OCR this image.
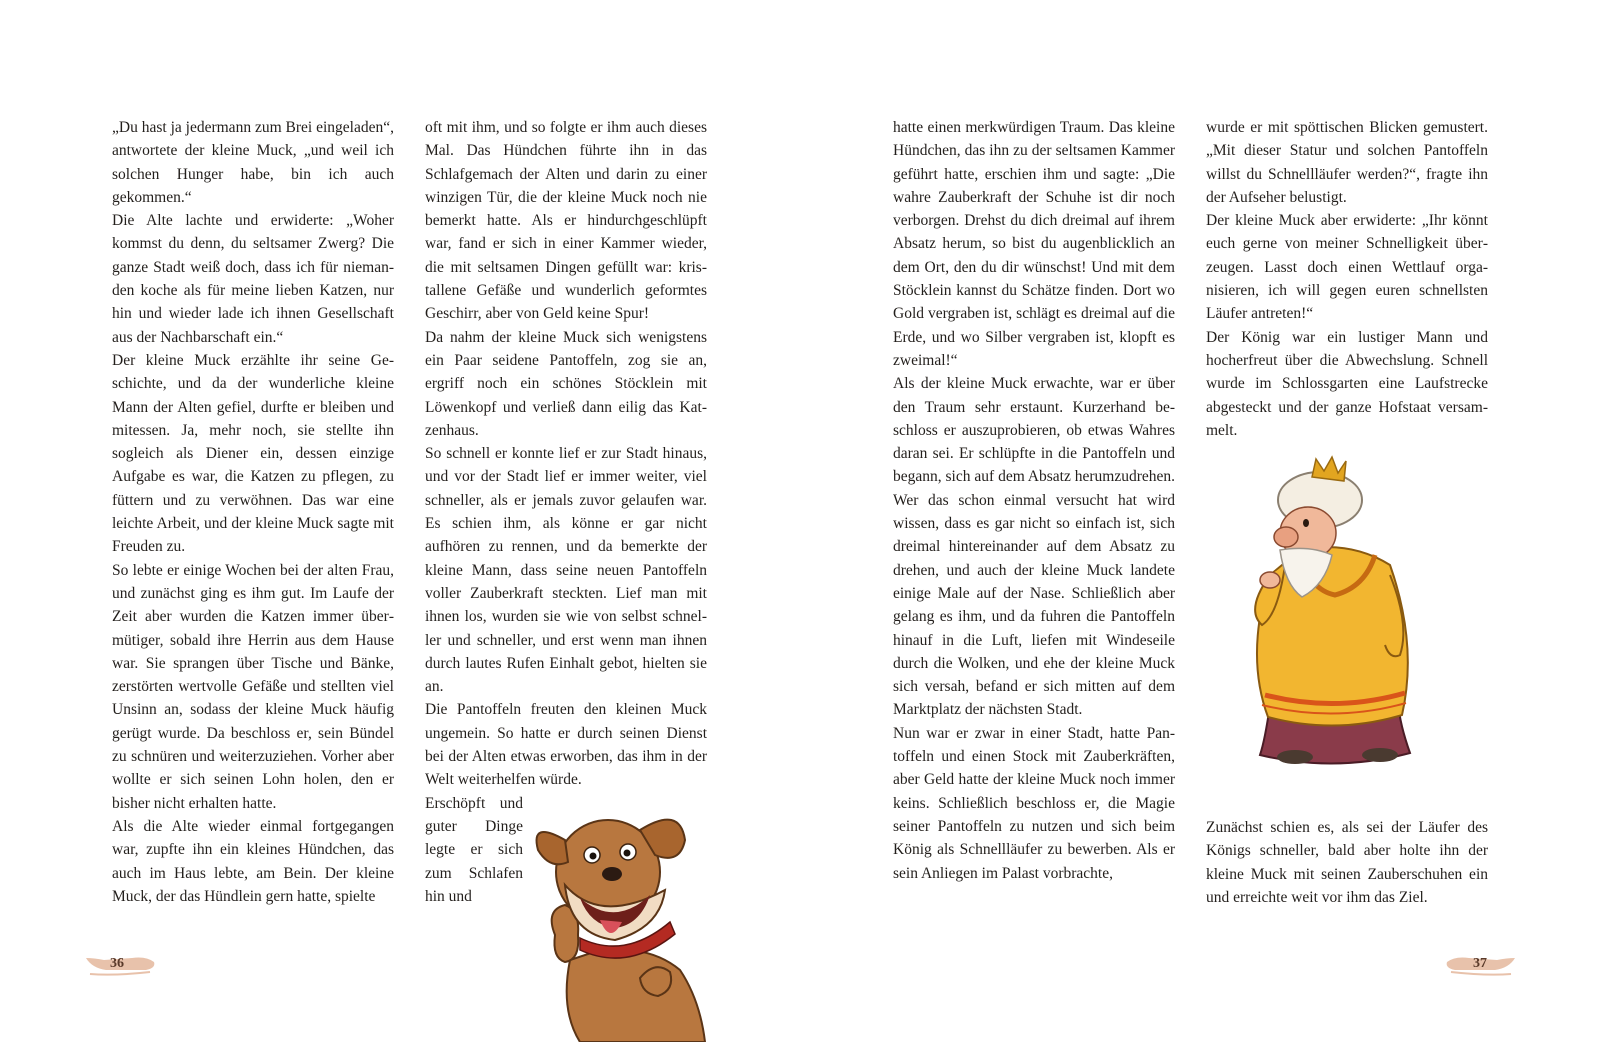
„Du hast ja jedermann zum Brei eingeladen“, antwortete der kleine Muck, „und weil ich solchen Hunger habe, bin ich auch gekommen.“

Die Alte lachte und erwiderte: „Woher kommst du denn, du seltsamer Zwerg? Die ganze Stadt weiß doch, dass ich für niemanden koche als für meine lieben Katzen, nur hin und wieder lade ich ihnen Gesellschaft aus der Nachbarschaft ein.“

Der kleine Muck erzählte ihr seine Geschichte, und da der wunderliche kleine Mann der Alten gefiel, durfte er bleiben und mitessen. Ja, mehr noch, sie stellte ihn sogleich als Diener ein, dessen einzige Aufgabe es war, die Katzen zu pflegen, zu füttern und zu verwöhnen. Das war eine leichte Arbeit, und der kleine Muck sagte mit Freuden zu.

So lebte er einige Wochen bei der alten Frau, und zunächst ging es ihm gut. Im Laufe der Zeit aber wurden die Katzen immer übermütiger, sobald ihre Herrin aus dem Hause war. Sie sprangen über Tische und Bänke, zerstörten wertvolle Gefäße und stellten viel Unsinn an, sodass der kleine Muck häufig gerügt wurde. Da beschloss er, sein Bündel zu schnüren und weiterzuziehen. Vorher aber wollte er sich seinen Lohn holen, den er bisher nicht erhalten hatte.

Als die Alte wieder einmal fortgegangen war, zupfte ihn ein kleines Hündchen, das auch im Haus lebte, am Bein. Der kleine Muck, der das Hündlein gern hatte, spielte

oft mit ihm, und so folgte er ihm auch dieses Mal. Das Hündchen führte ihn in das Schlafgemach der Alten und darin zu einer winzigen Tür, die der kleine Muck noch nie bemerkt hatte. Als er hindurchgeschlüpft war, fand er sich in einer Kammer wieder, die mit seltsamen Dingen gefüllt war: kristallene Gefäße und wunderlich geformtes Geschirr, aber von Geld keine Spur!

Da nahm der kleine Muck sich wenigstens ein Paar seidene Pantoffeln, zog sie an, ergriff noch ein schönes Stöcklein mit Löwenkopf und verließ dann eilig das Katzenhaus.

So schnell er konnte lief er zur Stadt hinaus, und vor der Stadt lief er immer weiter, viel schneller, als er jemals zuvor gelaufen war. Es schien ihm, als könne er gar nicht aufhören zu rennen, und da bemerkte der kleine Mann, dass seine neuen Pantoffeln voller Zauberkraft steckten. Lief man mit ihnen los, wurden sie wie von selbst schneller und schneller, und erst wenn man ihnen durch lautes Rufen Einhalt gebot, hielten sie an.

Die Pantoffeln freuten den kleinen Muck ungemein. So hatte er durch seinen Dienst bei der Alten etwas erworben, das ihm in der Welt weiterhelfen würde.

Erschöpft und guter Dinge legte er sich zum Schlafen hin und

36

hatte einen merkwürdigen Traum. Das kleine Hündchen, das ihn zu der seltsamen Kammer geführt hatte, erschien ihm und sagte: „Die wahre Zauberkraft der Schuhe ist dir noch verborgen. Drehst du dich dreimal auf ihrem Absatz herum, so bist du augenblicklich an dem Ort, den du dir wünschst! Und mit dem Stöcklein kannst du Schätze finden. Dort wo Gold vergraben ist, schlägt es dreimal auf die Erde, und wo Silber vergraben ist, klopft es zweimal!“

Als der kleine Muck erwachte, war er über den Traum sehr erstaunt. Kurzerhand beschloss er auszuprobieren, ob etwas Wahres daran sei. Er schlüpfte in die Pantoffeln und begann, sich auf dem Absatz herumzudrehen. Wer das schon einmal versucht hat wird wissen, dass es gar nicht so einfach ist, sich dreimal hintereinander auf dem Absatz zu drehen, und auch der kleine Muck landete einige Male auf der Nase. Schließlich aber gelang es ihm, und da fuhren die Pantoffeln hinauf in die Luft, liefen mit Windeseile durch die Wolken, und ehe der kleine Muck sich versah, befand er sich mitten auf dem Marktplatz der nächsten Stadt.

Nun war er zwar in einer Stadt, hatte Pantoffeln und einen Stock mit Zauberkräften, aber Geld hatte der kleine Muck noch immer keins. Schließlich beschloss er, die Magie seiner Pantoffeln zu nutzen und sich beim König als Schnellläufer zu bewerben. Als er sein Anliegen im Palast vorbrachte,

wurde er mit spöttischen Blicken gemustert. „Mit dieser Statur und solchen Pantoffeln willst du Schnellläufer werden?“, fragte ihn der Aufseher belustigt.

Der kleine Muck aber erwiderte: „Ihr könnt euch gerne von meiner Schnelligkeit überzeugen. Lasst doch einen Wettlauf organisieren, ich will gegen euren schnellsten Läufer antreten!“

Der König war ein lustiger Mann und hocherfreut über die Abwechslung. Schnell wurde im Schlossgarten eine Laufstrecke abgesteckt und der ganze Hofstaat versammelt.

Zunächst schien es, als sei der Läufer des Königs schneller, bald aber holte ihn der kleine Muck mit seinen Zauberschuhen ein und erreichte weit vor ihm das Ziel.

37
